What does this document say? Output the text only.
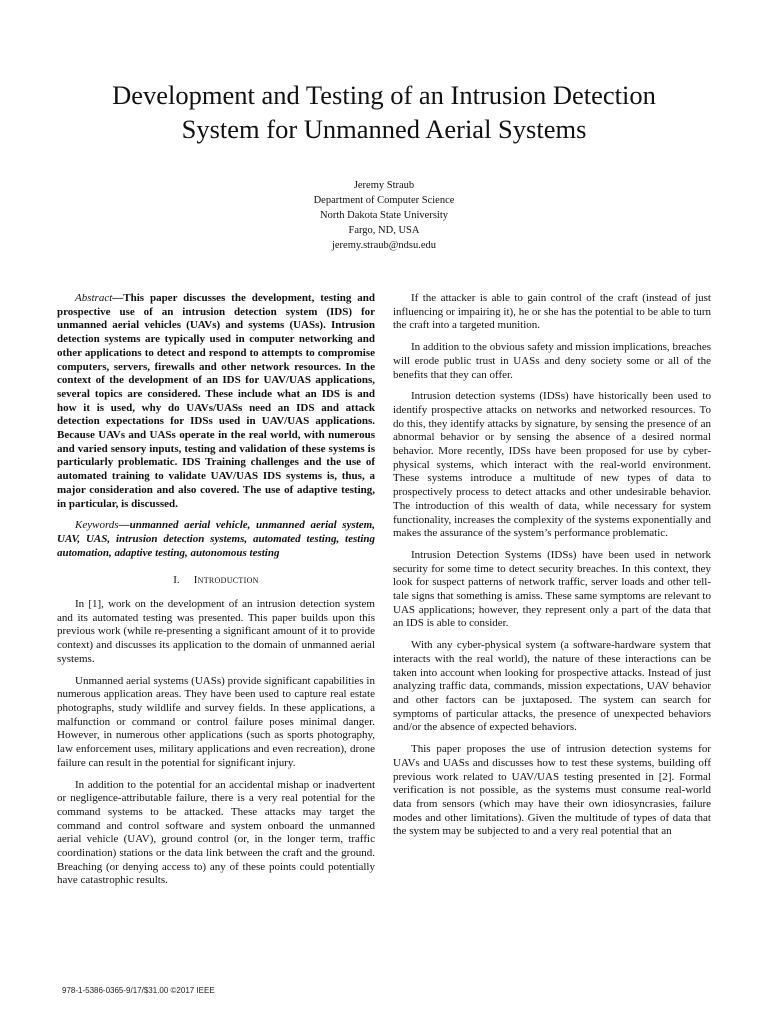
Development and Testing of an Intrusion Detection
System for Unmanned Aerial Systems
Jeremy Straub
Department of Computer Science
North Dakota State University
Fargo, ND, USA
jeremy.straub@ndsu.edu

Abstract—This paper discusses the development, testing and prospective use of an intrusion detection system (IDS) for unmanned aerial vehicles (UAVs) and systems (UASs). Intrusion detection systems are typically used in computer networking and other applications to detect and respond to attempts to compromise computers, servers, firewalls and other network resources. In the context of the development of an IDS for UAV/UAS applications, several topics are considered. These include what an IDS is and how it is used, why do UAVs/UASs need an IDS and attack detection expectations for IDSs used in UAV/UAS applications. Because UAVs and UASs operate in the real world, with numerous and varied sensory inputs, testing and validation of these systems is particularly problematic. IDS Training challenges and the use of automated training to validate UAV/UAS IDS systems is, thus, a major consideration and also covered. The use of adaptive testing, in particular, is discussed.

Keywords—unmanned aerial vehicle, unmanned aerial system, UAV, UAS, intrusion detection systems, automated testing, testing automation, adaptive testing, autonomous testing

I. Introduction

In [1], work on the development of an intrusion detection system and its automated testing was presented. This paper builds upon this previous work (while re-presenting a significant amount of it to provide context) and discusses its application to the domain of unmanned aerial systems.

Unmanned aerial systems (UASs) provide significant capabilities in numerous application areas. They have been used to capture real estate photographs, study wildlife and survey fields. In these applications, a malfunction or command or control failure poses minimal danger. However, in numerous other applications (such as sports photography, law enforcement uses, military applications and even recreation), drone failure can result in the potential for significant injury.

In addition to the potential for an accidental mishap or inadvertent or negligence-attributable failure, there is a very real potential for the command systems to be attacked. These attacks may target the command and control software and system onboard the unmanned aerial vehicle (UAV), ground control (or, in the longer term, traffic coordination) stations or the data link between the craft and the ground. Breaching (or denying access to) any of these points could potentially have catastrophic results.

If the attacker is able to gain control of the craft (instead of just influencing or impairing it), he or she has the potential to be able to turn the craft into a targeted munition.

In addition to the obvious safety and mission implications, breaches will erode public trust in UASs and deny society some or all of the benefits that they can offer.

Intrusion detection systems (IDSs) have historically been used to identify prospective attacks on networks and networked resources. To do this, they identify attacks by signature, by sensing the presence of an abnormal behavior or by sensing the absence of a desired normal behavior. More recently, IDSs have been proposed for use by cyber-physical systems, which interact with the real-world environment. These systems introduce a multitude of new types of data to prospectively process to detect attacks and other undesirable behavior. The introduction of this wealth of data, while necessary for system functionality, increases the complexity of the systems exponentially and makes the assurance of the system’s performance problematic.

Intrusion Detection Systems (IDSs) have been used in network security for some time to detect security breaches. In this context, they look for suspect patterns of network traffic, server loads and other tell-tale signs that something is amiss. These same symptoms are relevant to UAS applications; however, they represent only a part of the data that an IDS is able to consider.

With any cyber-physical system (a software-hardware system that interacts with the real world), the nature of these interactions can be taken into account when looking for prospective attacks. Instead of just analyzing traffic data, commands, mission expectations, UAV behavior and other factors can be juxtaposed. The system can search for symptoms of particular attacks, the presence of unexpected behaviors and/or the absence of expected behaviors.

This paper proposes the use of intrusion detection systems for UAVs and UASs and discusses how to test these systems, building off previous work related to UAV/UAS testing presented in [2]. Formal verification is not possible, as the systems must consume real-world data from sensors (which may have their own idiosyncrasies, failure modes and other limitations). Given the multitude of types of data that the system may be subjected to and a very real potential that an

978-1-5386-0365-9/17/$31.00 ©2017 IEEE
